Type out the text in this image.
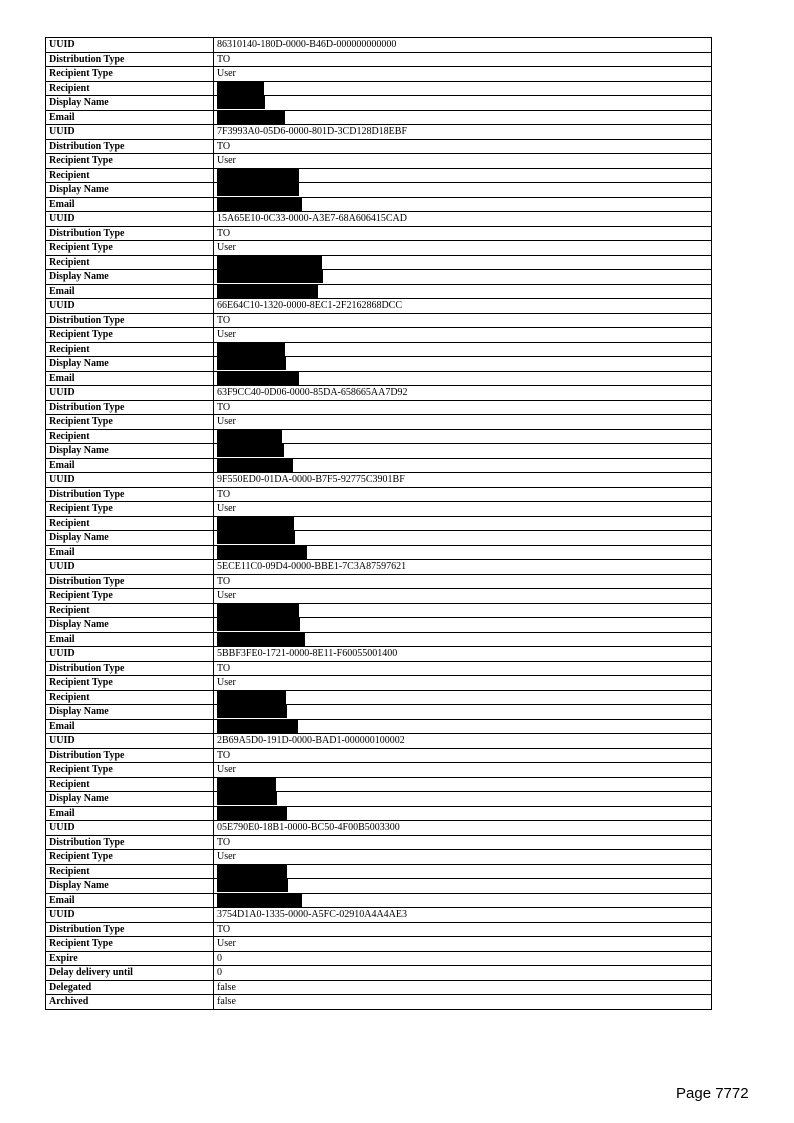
UUID	86310140-180D-0000-B46D-000000000000
Distribution Type	TO
Recipient Type	User
Recipient	
Display Name	
Email	
UUID	7F3993A0-05D6-0000-801D-3CD128D18EBF
Distribution Type	TO
Recipient Type	User
Recipient	
Display Name	
Email	
UUID	15A65E10-0C33-0000-A3E7-68A606415CAD
Distribution Type	TO
Recipient Type	User
Recipient	
Display Name	
Email	
UUID	66E64C10-1320-0000-8EC1-2F2162868DCC
Distribution Type	TO
Recipient Type	User
Recipient	
Display Name	
Email	
UUID	63F9CC40-0D06-0000-85DA-658665AA7D92
Distribution Type	TO
Recipient Type	User
Recipient	
Display Name	
Email	
UUID	9F550ED0-01DA-0000-B7F5-92775C3901BF
Distribution Type	TO
Recipient Type	User
Recipient	
Display Name	
Email	
UUID	5ECE11C0-09D4-0000-BBE1-7C3A87597621
Distribution Type	TO
Recipient Type	User
Recipient	
Display Name	
Email	
UUID	5BBF3FE0-1721-0000-8E11-F60055001400
Distribution Type	TO
Recipient Type	User
Recipient	
Display Name	
Email	
UUID	2B69A5D0-191D-0000-BAD1-000000100002
Distribution Type	TO
Recipient Type	User
Recipient	
Display Name	
Email	
UUID	05E790E0-18B1-0000-BC50-4F00B5003300
Distribution Type	TO
Recipient Type	User
Recipient	
Display Name	
Email	
UUID	3754D1A0-1335-0000-A5FC-02910A4A4AE3
Distribution Type	TO
Recipient Type	User
Expire	0
Delay delivery until	0
Delegated	false
Archived	false
Page 7772
